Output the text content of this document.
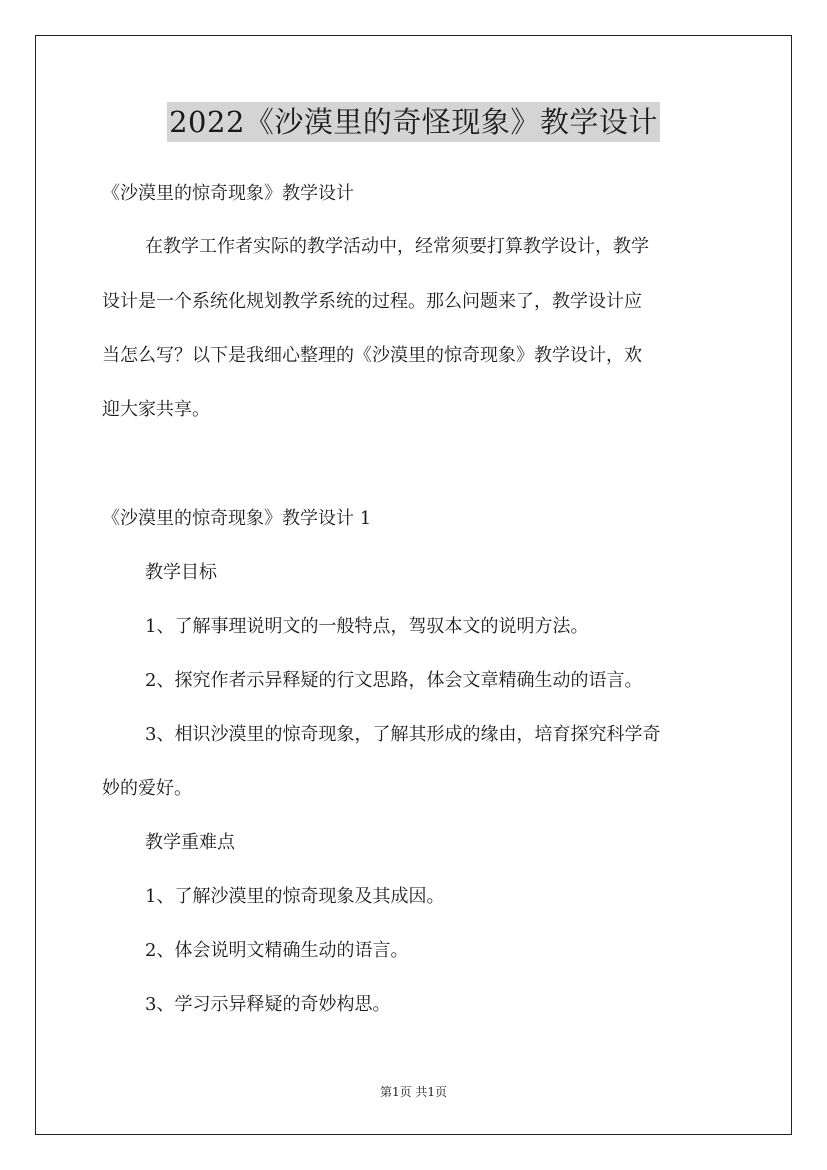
2022《沙漠里的奇怪现象》教学设计
《沙漠里的惊奇现象》教学设计
在教学工作者实际的教学活动中，经常须要打算教学设计，教学
设计是一个系统化规划教学系统的过程。那么问题来了，教学设计应
当怎么写？以下是我细心整理的《沙漠里的惊奇现象》教学设计，欢
迎大家共享。
《沙漠里的惊奇现象》教学设计 1
教学目标
1、了解事理说明文的一般特点，驾驭本文的说明方法。
2、探究作者示异释疑的行文思路，体会文章精确生动的语言。
3、相识沙漠里的惊奇现象，了解其形成的缘由，培育探究科学奇
妙的爱好。
教学重难点
1、了解沙漠里的惊奇现象及其成因。
2、体会说明文精确生动的语言。
3、学习示异释疑的奇妙构思。
第1页 共1页
